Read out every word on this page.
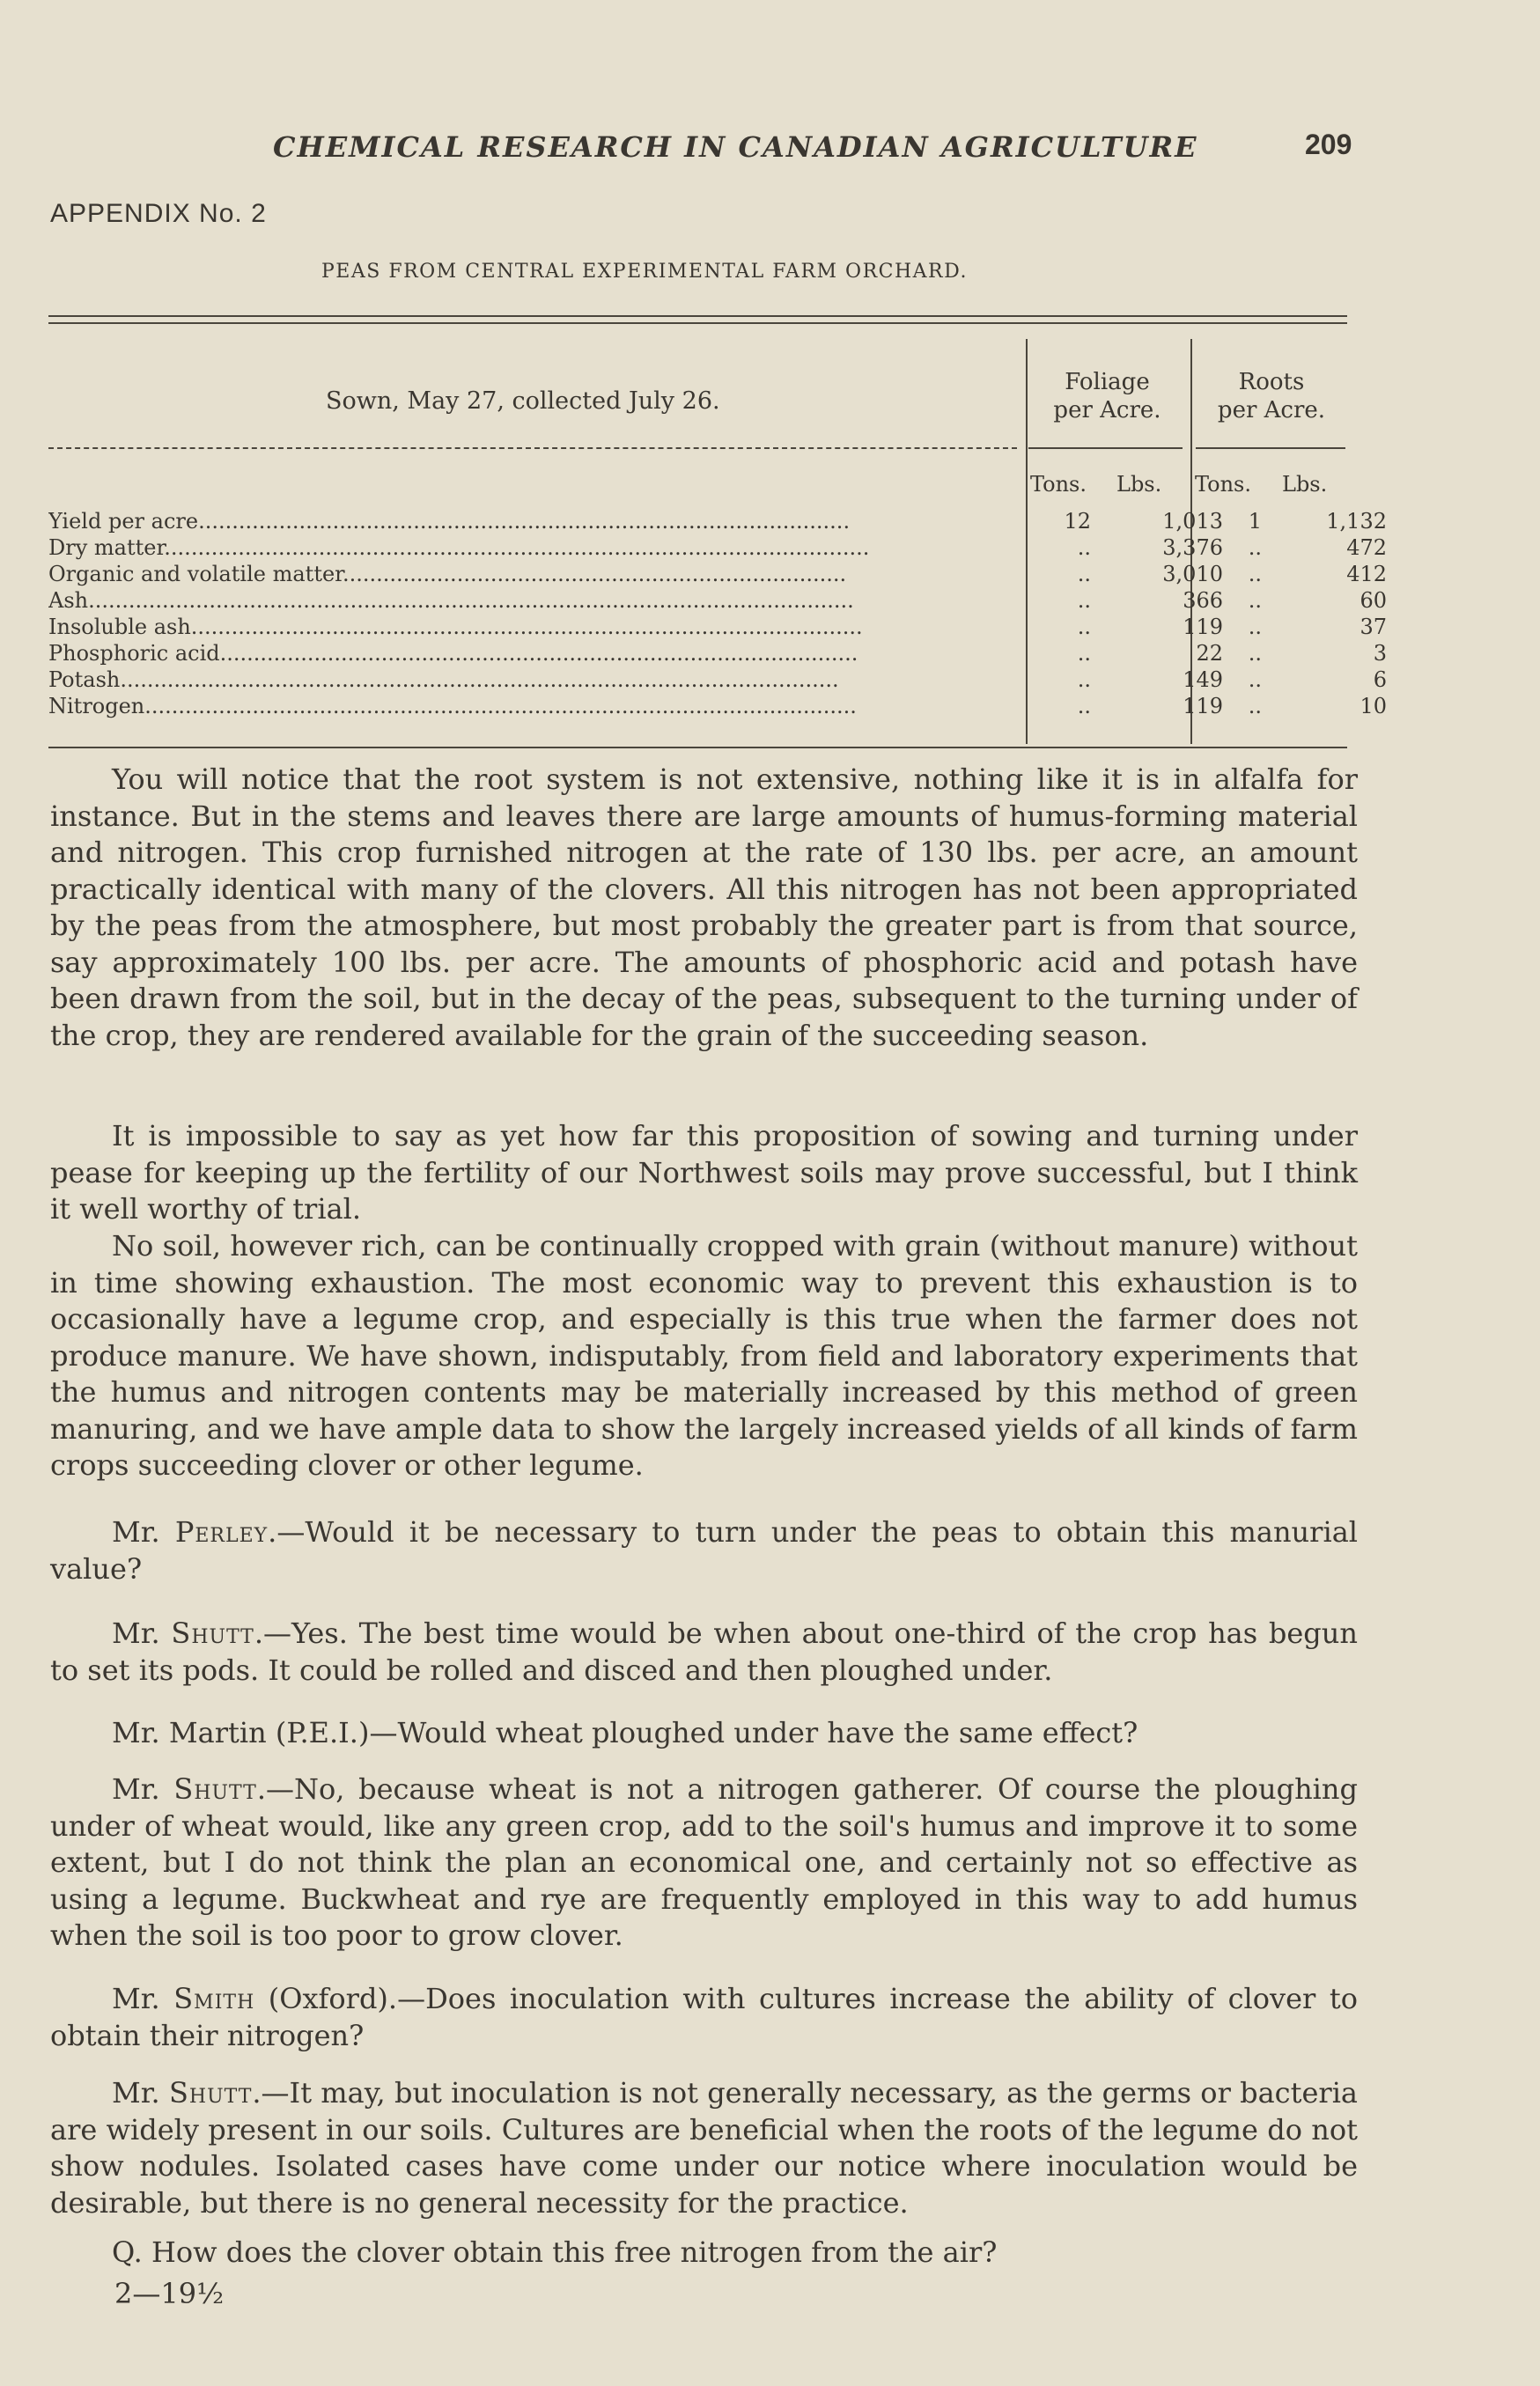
CHEMICAL RESEARCH IN CANADIAN AGRICULTURE	209
APPENDIX No. 2
PEAS FROM CENTRAL EXPERIMENTAL FARM ORCHARD.
Sown, May 27, collected July 26.
Foliage
per Acre.
Roots
per Acre.
Tons. Lbs. Tons. Lbs.
Yield per acre.................................................................................................	12	1,013	1	1,132
Dry matter.........................................................................................................	..	3,376	..	472
Organic and volatile matter...........................................................................	..	3,010	..	412
Ash..................................................................................................................	..	366	..	60
Insoluble ash....................................................................................................	..	119	..	37
Phosphoric acid...............................................................................................	..	22	..	3
Potash...........................................................................................................	..	149	..	6
Nitrogen..........................................................................................................	..	119	..	10

You will notice that the root system is not extensive, nothing like it is in alfalfa for instance. But in the stems and leaves there are large amounts of humus-forming material and nitrogen. This crop furnished nitrogen at the rate of 130 lbs. per acre, an amount practically identical with many of the clovers. All this nitrogen has not been appropriated by the peas from the atmosphere, but most probably the greater part is from that source, say approximately 100 lbs. per acre. The amounts of phosphoric acid and potash have been drawn from the soil, but in the decay of the peas, subsequent to the turning under of the crop, they are rendered available for the grain of the succeeding season.

It is impossible to say as yet how far this proposition of sowing and turning under pease for keeping up the fertility of our Northwest soils may prove successful, but I think it well worthy of trial.

No soil, however rich, can be continually cropped with grain (without manure) without in time showing exhaustion. The most economic way to prevent this exhaustion is to occasionally have a legume crop, and especially is this true when the farmer does not produce manure. We have shown, indisputably, from field and laboratory experiments that the humus and nitrogen contents may be materially increased by this method of green manuring, and we have ample data to show the largely increased yields of all kinds of farm crops succeeding clover or other legume.

Mr. Perley.—Would it be necessary to turn under the peas to obtain this manurial value?

Mr. Shutt.—Yes. The best time would be when about one-third of the crop has begun to set its pods. It could be rolled and disced and then ploughed under.

Mr. Martin (P.E.I.)—Would wheat ploughed under have the same effect?

Mr. Shutt.—No, because wheat is not a nitrogen gatherer. Of course the ploughing under of wheat would, like any green crop, add to the soil's humus and improve it to some extent, but I do not think the plan an economical one, and certainly not so effective as using a legume. Buckwheat and rye are frequently employed in this way to add humus when the soil is too poor to grow clover.

Mr. Smith (Oxford).—Does inoculation with cultures increase the ability of clover to obtain their nitrogen?

Mr. Shutt.—It may, but inoculation is not generally necessary, as the germs or bacteria are widely present in our soils. Cultures are beneficial when the roots of the legume do not show nodules. Isolated cases have come under our notice where inoculation would be desirable, but there is no general necessity for the practice.

Q. How does the clover obtain this free nitrogen from the air?

2—19½
